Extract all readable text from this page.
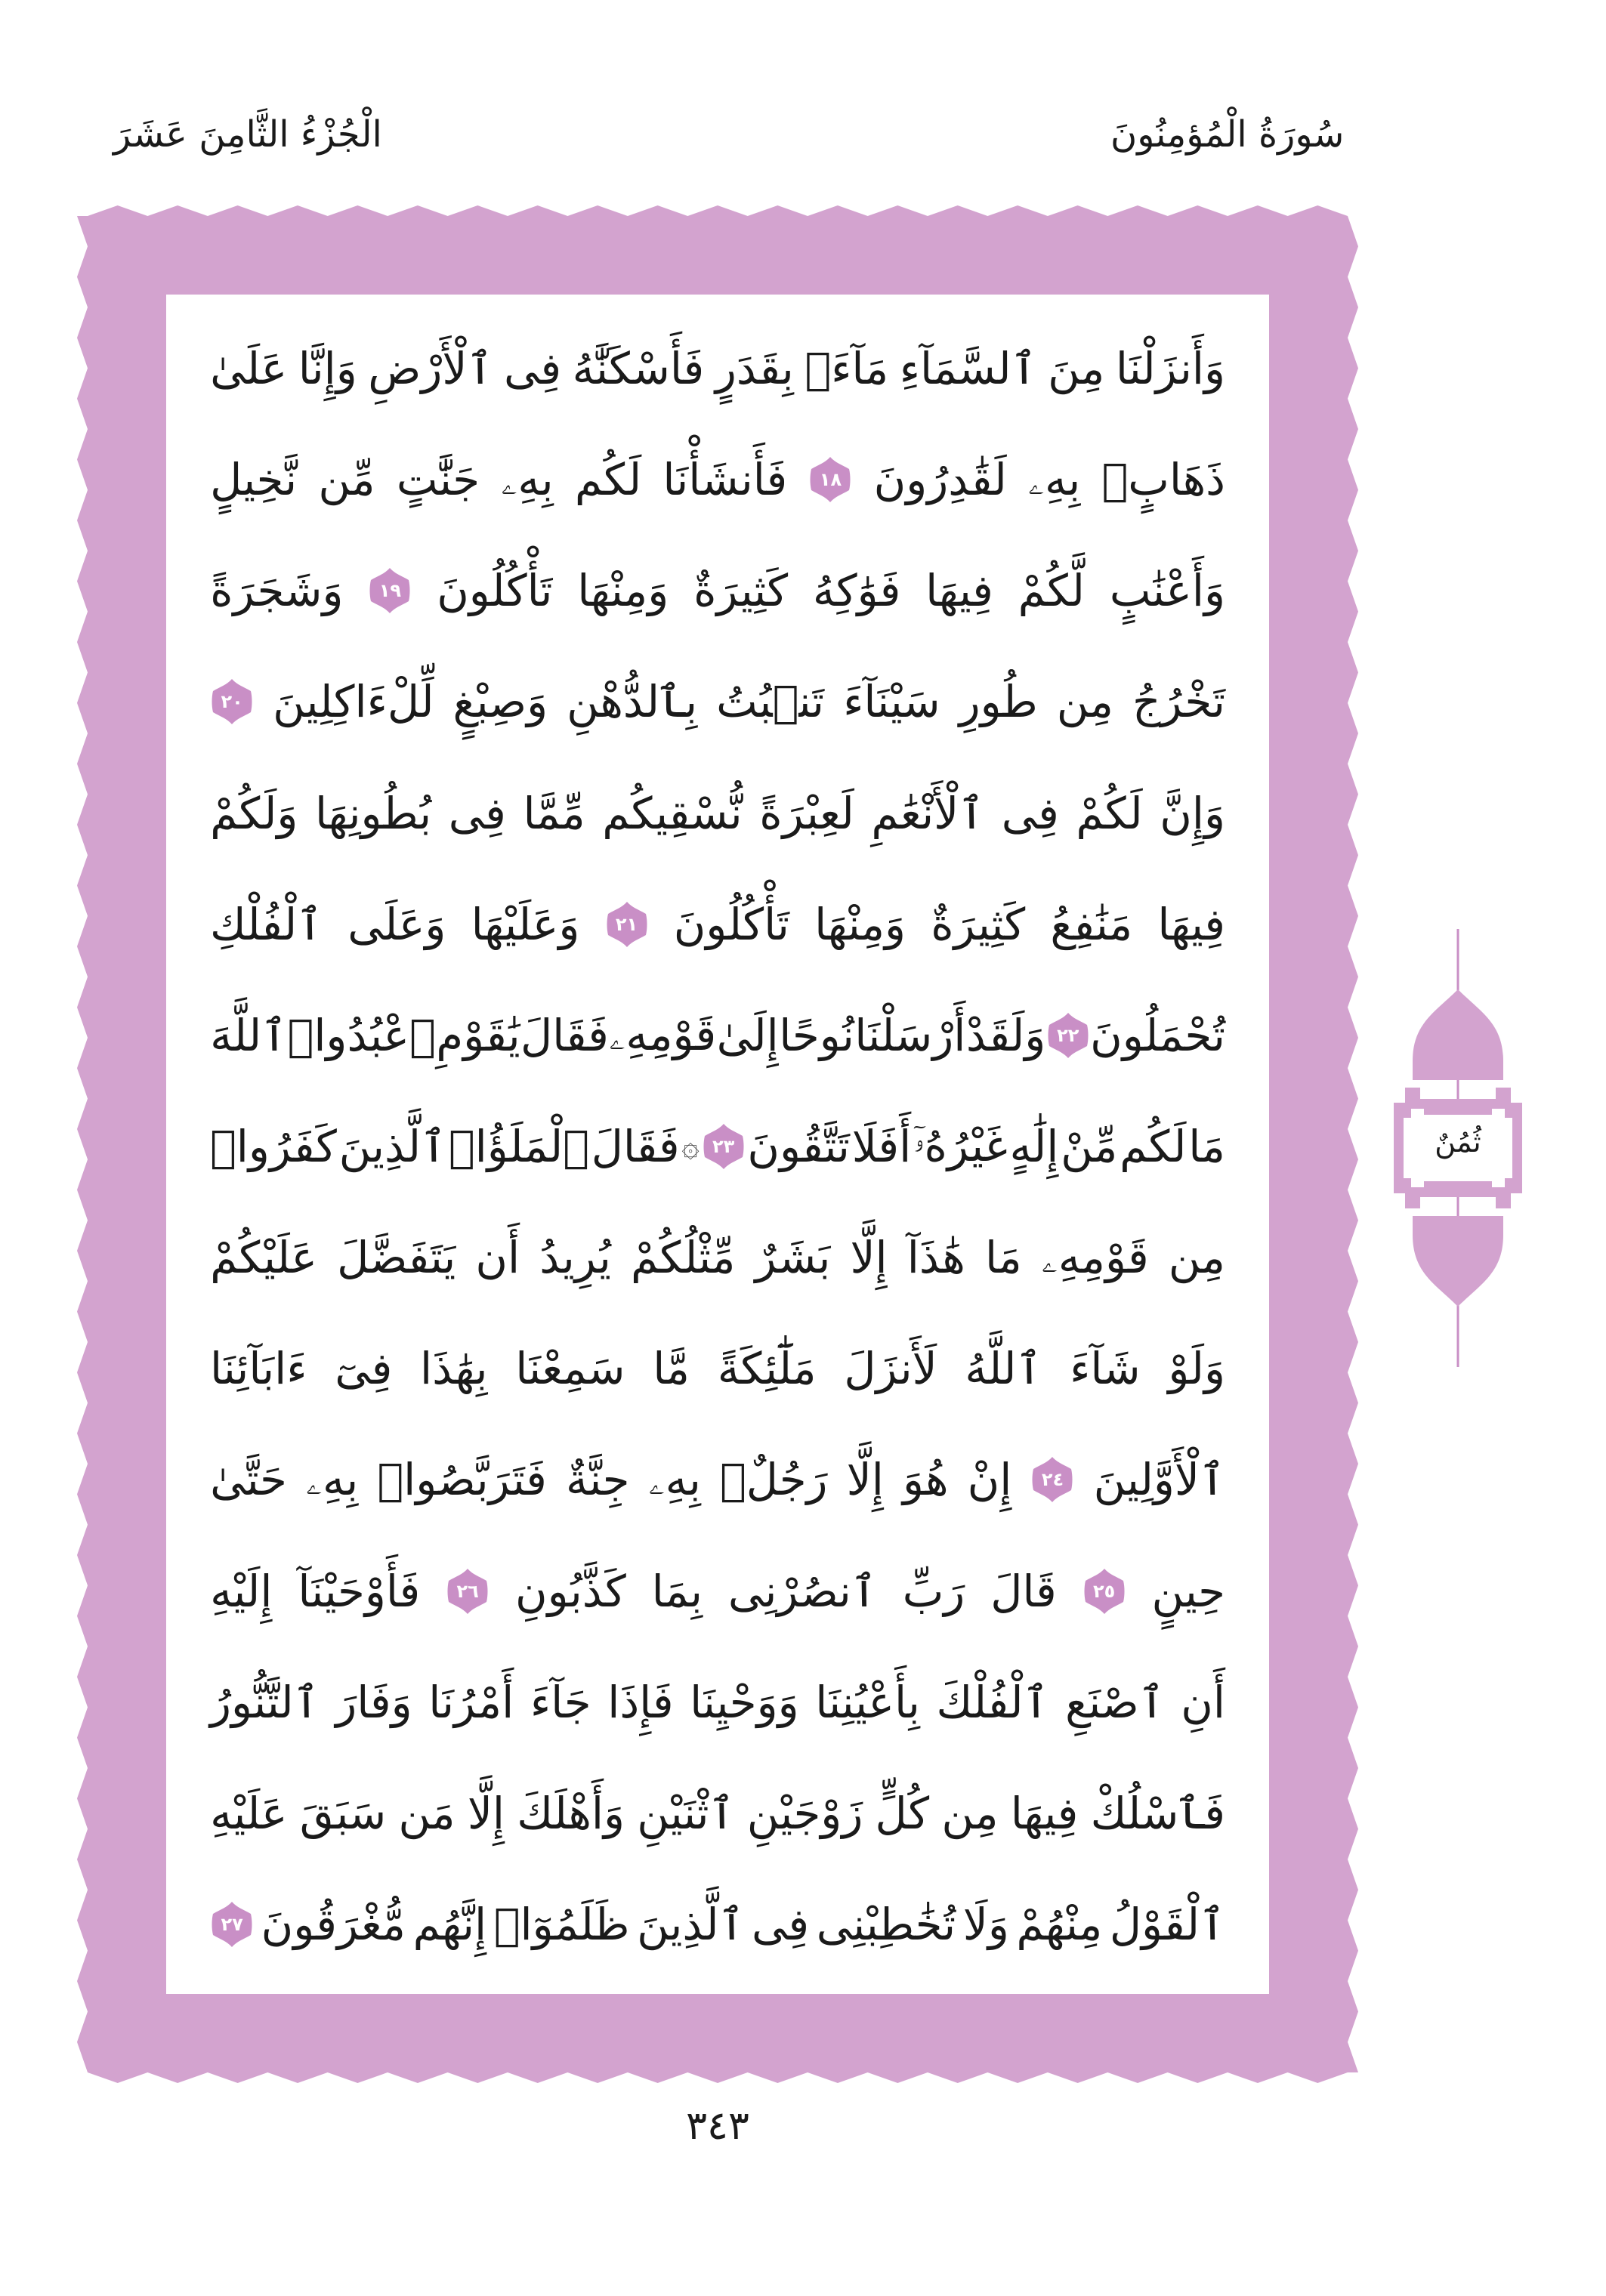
سُورَةُ الْمُؤمِنُونَ
الْجُزْءُ الثَّامِنَ عَشَرَ
وَأَنزَلْنَا
مِنَ
ٱلسَّمَآءِ
مَآءَۢ
بِقَدَرٍ
فَأَسْكَنَّٰهُ
فِى
ٱلْأَرْضِ
وَإِنَّا
عَلَىٰ
ذَهَابٍۭ
بِهِۦ
لَقَٰدِرُونَ
١٨
فَأَنشَأْنَا
لَكُم
بِهِۦ
جَنَّٰتٍ
مِّن
نَّخِيلٍ
وَأَعْنَٰبٍ
لَّكُمْ
فِيهَا
فَوَٰكِهُ
كَثِيرَةٌ
وَمِنْهَا
تَأْكُلُونَ
١٩
وَشَجَرَةً
تَخْرُجُ
مِن
طُورِ
سَيْنَآءَ
تَنۢبُتُ
بِٱلدُّهْنِ
وَصِبْغٍ
لِّلْءَاكِلِينَ
٢٠
وَإِنَّ
لَكُمْ
فِى
ٱلْأَنْعَٰمِ
لَعِبْرَةً
نُّسْقِيكُم
مِّمَّا
فِى
بُطُونِهَا
وَلَكُمْ
فِيهَا
مَنَٰفِعُ
كَثِيرَةٌ
وَمِنْهَا
تَأْكُلُونَ
٢١
وَعَلَيْهَا
وَعَلَى
ٱلْفُلْكِ
تُحْمَلُونَ
٢٢
وَلَقَدْ
أَرْسَلْنَا
نُوحًا
إِلَىٰ
قَوْمِهِۦ
فَقَالَ
يَٰقَوْمِ
ٱعْبُدُوا۟
ٱللَّهَ
مَا
لَكُم
مِّنْ
إِلَٰهٍ
غَيْرُهُۥٓ
أَفَلَا
تَتَّقُونَ
٢٣
۞
فَقَالَ
ٱلْمَلَؤُا۟
ٱلَّذِينَ
كَفَرُوا۟
مِن
قَوْمِهِۦ
مَا
هَٰذَآ
إِلَّا
بَشَرٌ
مِّثْلُكُمْ
يُرِيدُ
أَن
يَتَفَضَّلَ
عَلَيْكُمْ
وَلَوْ
شَآءَ
ٱللَّهُ
لَأَنزَلَ
مَلَٰٓئِكَةً
مَّا
سَمِعْنَا
بِهَٰذَا
فِىٓ
ءَابَآئِنَا
ٱلْأَوَّلِينَ
٢٤
إِنْ
هُوَ
إِلَّا
رَجُلٌۢ
بِهِۦ
جِنَّةٌ
فَتَرَبَّصُوا۟
بِهِۦ
حَتَّىٰ
حِينٍ
٢٥
قَالَ
رَبِّ
ٱنصُرْنِى
بِمَا
كَذَّبُونِ
٢٦
فَأَوْحَيْنَآ
إِلَيْهِ
أَنِ
ٱصْنَعِ
ٱلْفُلْكَ
بِأَعْيُنِنَا
وَوَحْيِنَا
فَإِذَا
جَآءَ
أَمْرُنَا
وَفَارَ
ٱلتَّنُّورُ
فَٱسْلُكْ
فِيهَا
مِن
كُلٍّ
زَوْجَيْنِ
ٱثْنَيْنِ
وَأَهْلَكَ
إِلَّا
مَن
سَبَقَ
عَلَيْهِ
ٱلْقَوْلُ
مِنْهُمْ
وَلَا
تُخَٰطِبْنِى
فِى
ٱلَّذِينَ
ظَلَمُوٓا۟
إِنَّهُم
مُّغْرَقُونَ
٢٧
ثُمُنٌ
٣٤٣
